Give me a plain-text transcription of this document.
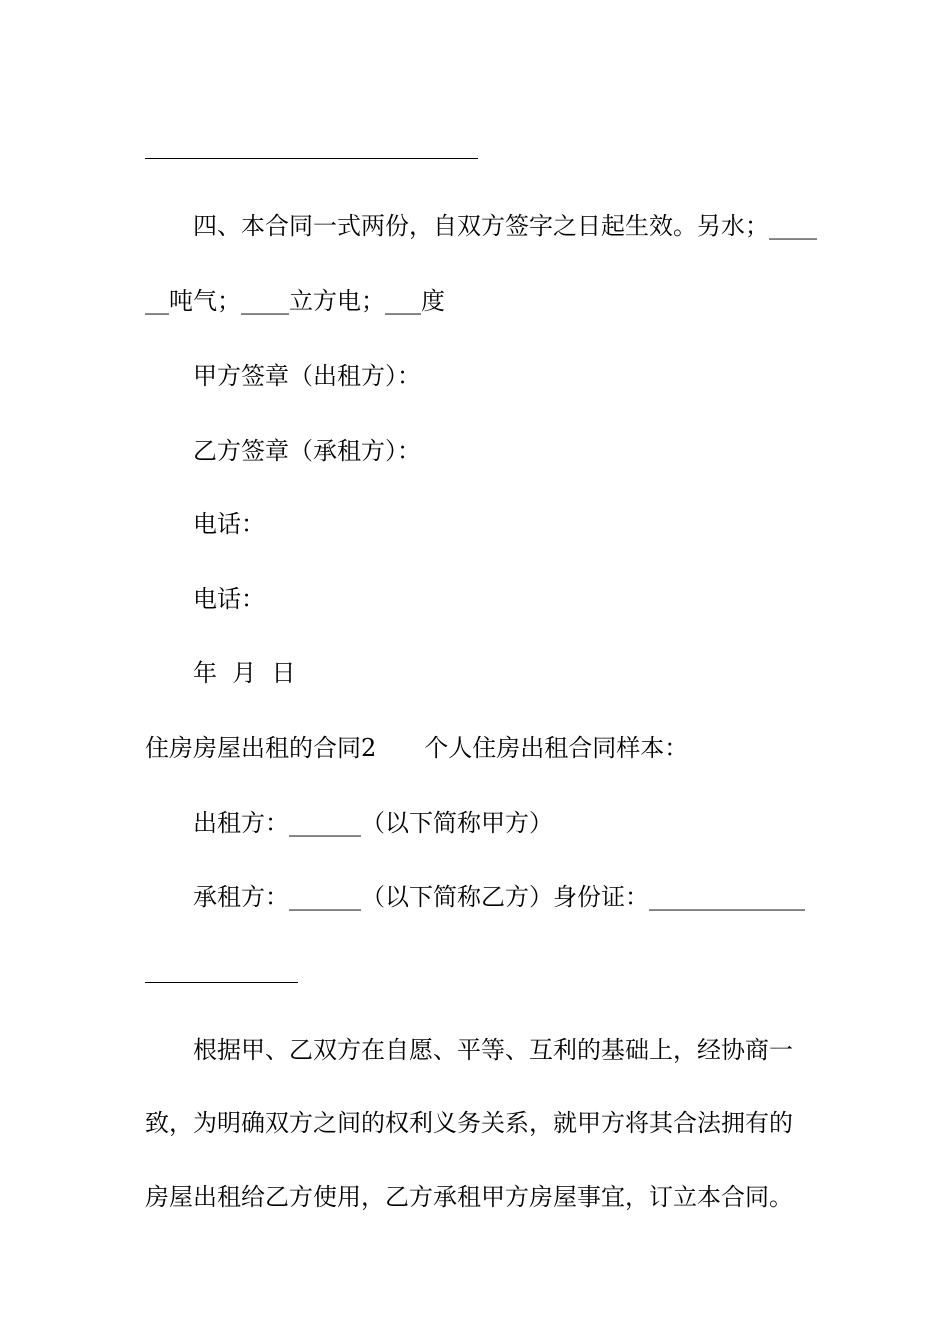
四、本合同一式两份，自双方签字之日起生效。另水；____
__吨气；____立方电；___度
甲方签章（出租方）：
乙方签章（承租方）：
电话：
电话：
年  月  日
住房房屋出租的合同2　　个人住房出租合同样本：
出租方：______（以下简称甲方）
承租方：______（以下简称乙方）身份证：_____________
根据甲、乙双方在自愿、平等、互利的基础上，经协商一
致，为明确双方之间的权利义务关系，就甲方将其合法拥有的
房屋出租给乙方使用，乙方承租甲方房屋事宜，订立本合同。
